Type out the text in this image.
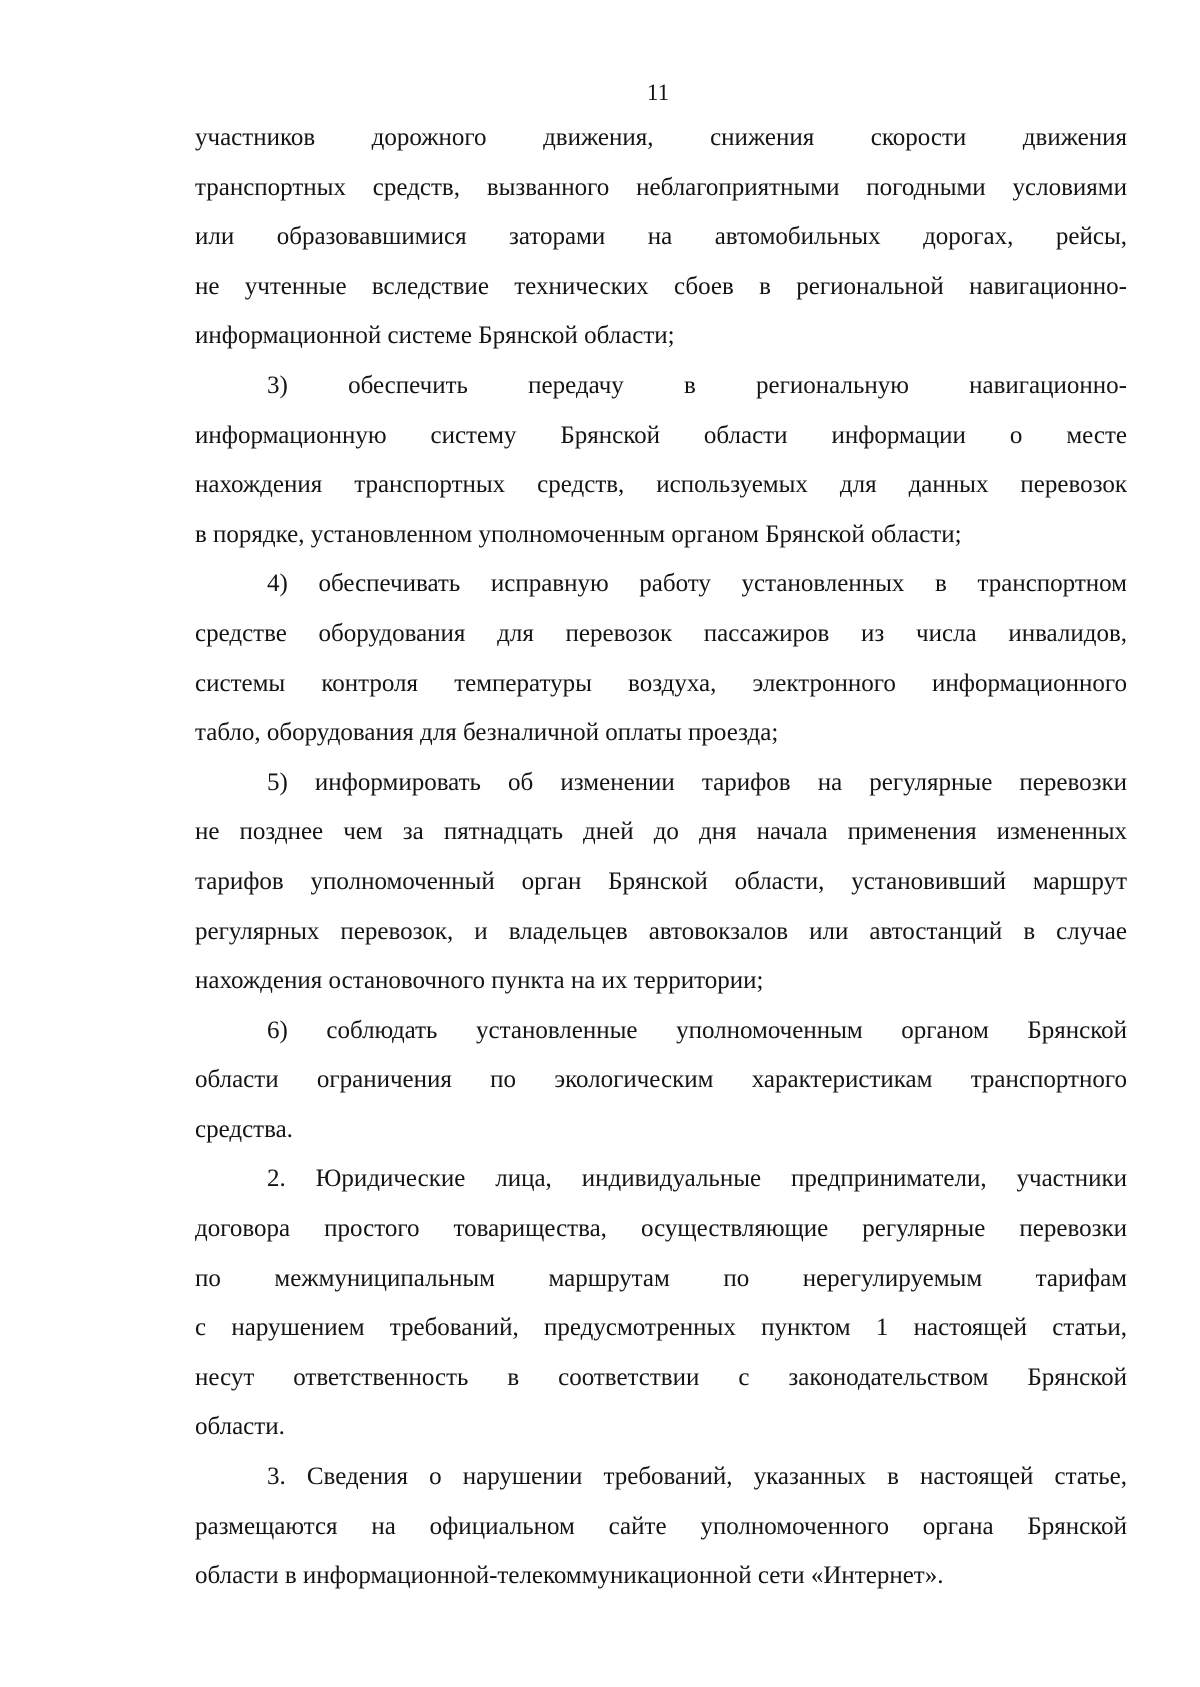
11
участников дорожного движения, снижения скорости движения
транспортных средств, вызванного неблагоприятными погодными условиями
или образовавшимися заторами на автомобильных дорогах, рейсы,
не учтенные вследствие технических сбоев в региональной навигационно-
информационной системе Брянской области;
3) обеспечить передачу в региональную навигационно-
информационную систему Брянской области информации о месте
нахождения транспортных средств, используемых для данных перевозок
в порядке, установленном уполномоченным органом Брянской области;
4) обеспечивать исправную работу установленных в транспортном
средстве оборудования для перевозок пассажиров из числа инвалидов,
системы контроля температуры воздуха, электронного информационного
табло, оборудования для безналичной оплаты проезда;
5) информировать об изменении тарифов на регулярные перевозки
не позднее чем за пятнадцать дней до дня начала применения измененных
тарифов уполномоченный орган Брянской области, установивший маршрут
регулярных перевозок, и владельцев автовокзалов или автостанций в случае
нахождения остановочного пункта на их территории;
6) соблюдать установленные уполномоченным органом Брянской
области ограничения по экологическим характеристикам транспортного
средства.
2. Юридические лица, индивидуальные предприниматели, участники
договора простого товарищества, осуществляющие регулярные перевозки
по межмуниципальным маршрутам по нерегулируемым тарифам
с нарушением требований, предусмотренных пунктом 1 настоящей статьи,
несут ответственность в соответствии с законодательством Брянской
области.
3. Сведения о нарушении требований, указанных в настоящей статье,
размещаются на официальном сайте уполномоченного органа Брянской
области в информационной-телекоммуникационной сети «Интернет».
